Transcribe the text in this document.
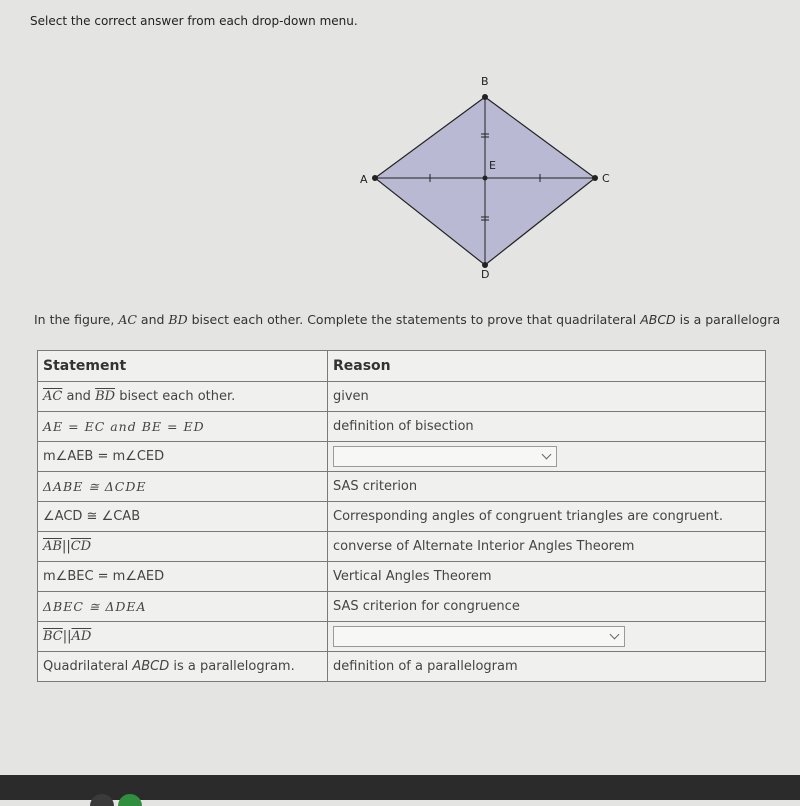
Select the correct answer from each drop-down menu.
A
B
C
D
E
In the figure, $\overline{AC}$ and $\overline{BD}$ bisect each other. Complete the statements to prove that quadrilateral ABCD is a parallelogra
Statement	Reason
$\overline{AC}$ and $\overline{BD}$ bisect each other.	given
AE = EC and BE = ED	definition of bisection
m∠AEB = m∠CED	

ΔABE ≅ ΔCDE	SAS criterion
∠ACD ≅ ∠CAB	Corresponding angles of congruent triangles are congruent.
$\overline{AB}||\overline{CD}$	converse of Alternate Interior Angles Theorem
m∠BEC = m∠AED	Vertical Angles Theorem
ΔBEC ≅ ΔDEA	SAS criterion for congruence
$\overline{BC}||\overline{AD}$	

Quadrilateral ABCD is a parallelogram.	definition of a parallelogram
